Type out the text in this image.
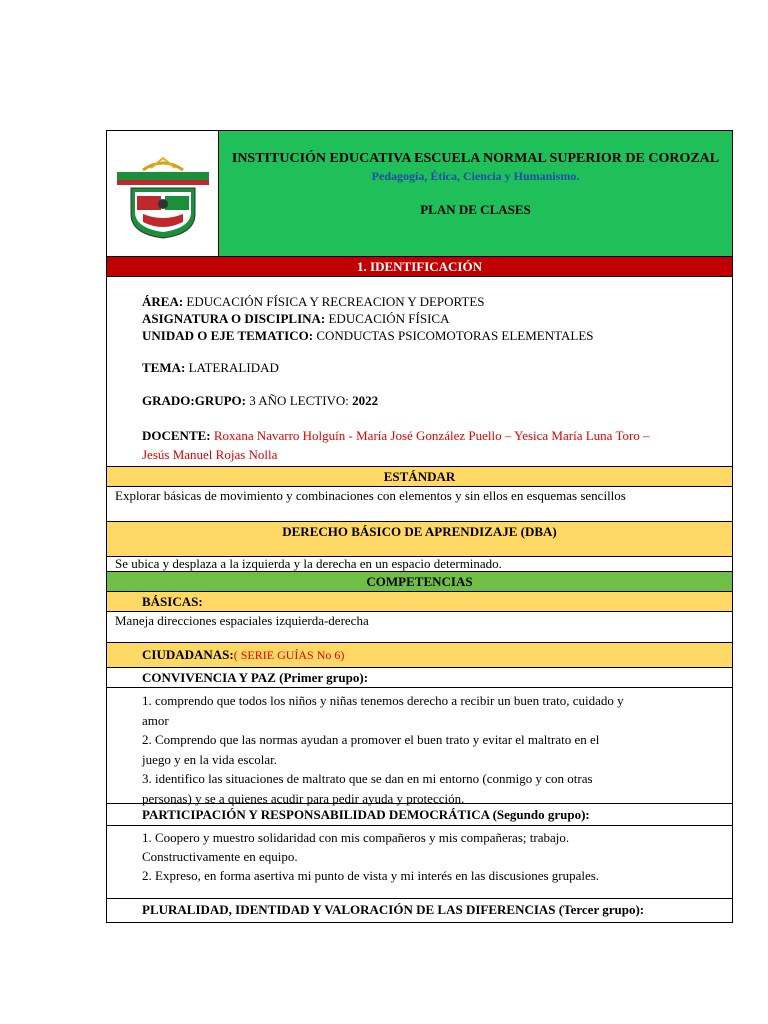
INSTITUCIÓN EDUCATIVA ESCUELA NORMAL SUPERIOR DE COROZAL
Pedagogía, Ética, Ciencia y Humanismo.
PLAN DE CLASES
1. IDENTIFICACIÓN
ÁREA: EDUCACIÓN FÍSICA Y RECREACION Y DEPORTES
ASIGNATURA O DISCIPLINA: EDUCACIÓN FÍSICA
UNIDAD O EJE TEMATICO: CONDUCTAS PSICOMOTORAS ELEMENTALES
TEMA: LATERALIDAD
GRADO:GRUPO: 3 AÑO LECTIVO: 2022
DOCENTE: Roxana Navarro Holguín - María José González Puello – Yesica María Luna Toro –
Jesús Manuel Rojas Nolla
ESTÁNDAR
Explorar básicas de movimiento y combinaciones con elementos y sin ellos en esquemas sencillos
DERECHO BÁSICO DE APRENDIZAJE (DBA)
Se ubica y desplaza a la izquierda y la derecha en un espacio determinado.
COMPETENCIAS
BÁSICAS:
Maneja direcciones espaciales izquierda-derecha
CIUDADANAS:( SERIE GUÍAS No 6)
CONVIVENCIA Y PAZ (Primer grupo):
1. comprendo que todos los niños y niñas tenemos derecho a recibir un buen trato, cuidado y
amor
2. Comprendo que las normas ayudan a promover el buen trato y evitar el maltrato en el
juego y en la vida escolar.
3. identifico las situaciones de maltrato que se dan en mi entorno (conmigo y con otras
personas) y se a quienes acudir para pedir ayuda y protección.
PARTICIPACIÓN Y RESPONSABILIDAD DEMOCRÁTICA (Segundo grupo):
1. Coopero y muestro solidaridad con mis compañeros y mis compañeras; trabajo.
Constructivamente en equipo.
2. Expreso, en forma asertiva mi punto de vista y mi interés en las discusiones grupales.
PLURALIDAD, IDENTIDAD Y VALORACIÓN DE LAS DIFERENCIAS (Tercer grupo):
